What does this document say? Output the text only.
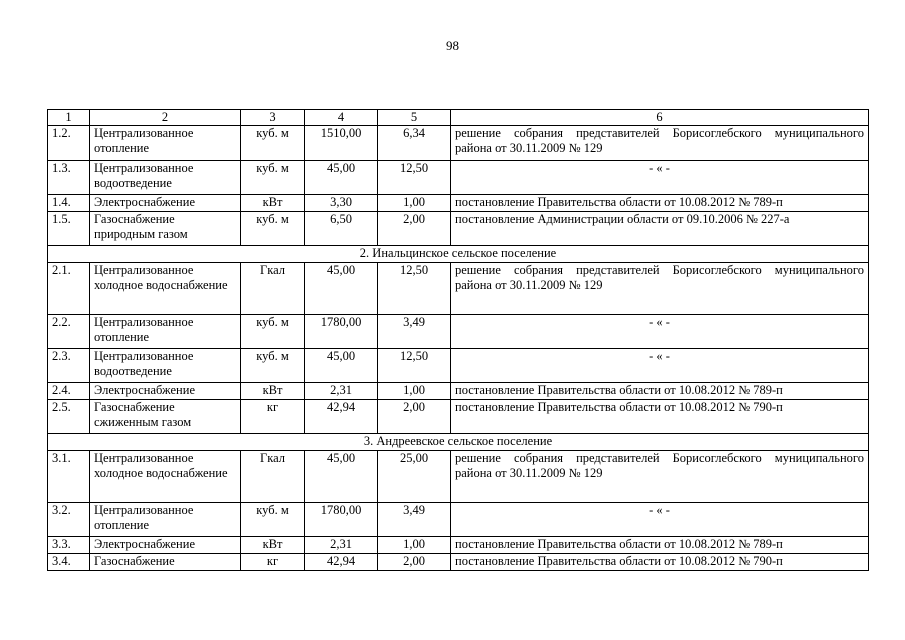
98
1	2	3	4	5	6
1.2.	Централизованное отопление	куб. м	1510,00	6,34	решение собрания представителей Борисоглебского муниципального района от 30.11.2009 № 129
1.3.	Централизованное водоотведение	куб. м	45,00	12,50	- « -
1.4.	Электроснабжение	кВт	3,30	1,00	постановление Правительства области от 10.08.2012 № 789-п
1.5.	Газоснабжение природным газом	куб. м	6,50	2,00	постановление Администрации области от 09.10.2006 № 227-а
2. Инальцинское сельское поселение					
2.1.	Централизованное холодное водоснабжение	Гкал	45,00	12,50	решение собрания представителей Борисоглебского муниципального района от 30.11.2009 № 129
2.2.	Централизованное отопление	куб. м	1780,00	3,49	- « -
2.3.	Централизованное водоотведение	куб. м	45,00	12,50	- « -
2.4.	Электроснабжение	кВт	2,31	1,00	постановление Правительства области от 10.08.2012 № 789-п
2.5.	Газоснабжение сжиженным газом	кг	42,94	2,00	постановление Правительства области от 10.08.2012 № 790-п
3. Андреевское сельское поселение					
3.1.	Централизованное холодное водоснабжение	Гкал	45,00	25,00	решение собрания представителей Борисоглебского муниципального района от 30.11.2009 № 129
3.2.	Централизованное отопление	куб. м	1780,00	3,49	- « -
3.3.	Электроснабжение	кВт	2,31	1,00	постановление Правительства области от 10.08.2012 № 789-п
3.4.	Газоснабжение	кг	42,94	2,00	постановление Правительства области от 10.08.2012 № 790-п
